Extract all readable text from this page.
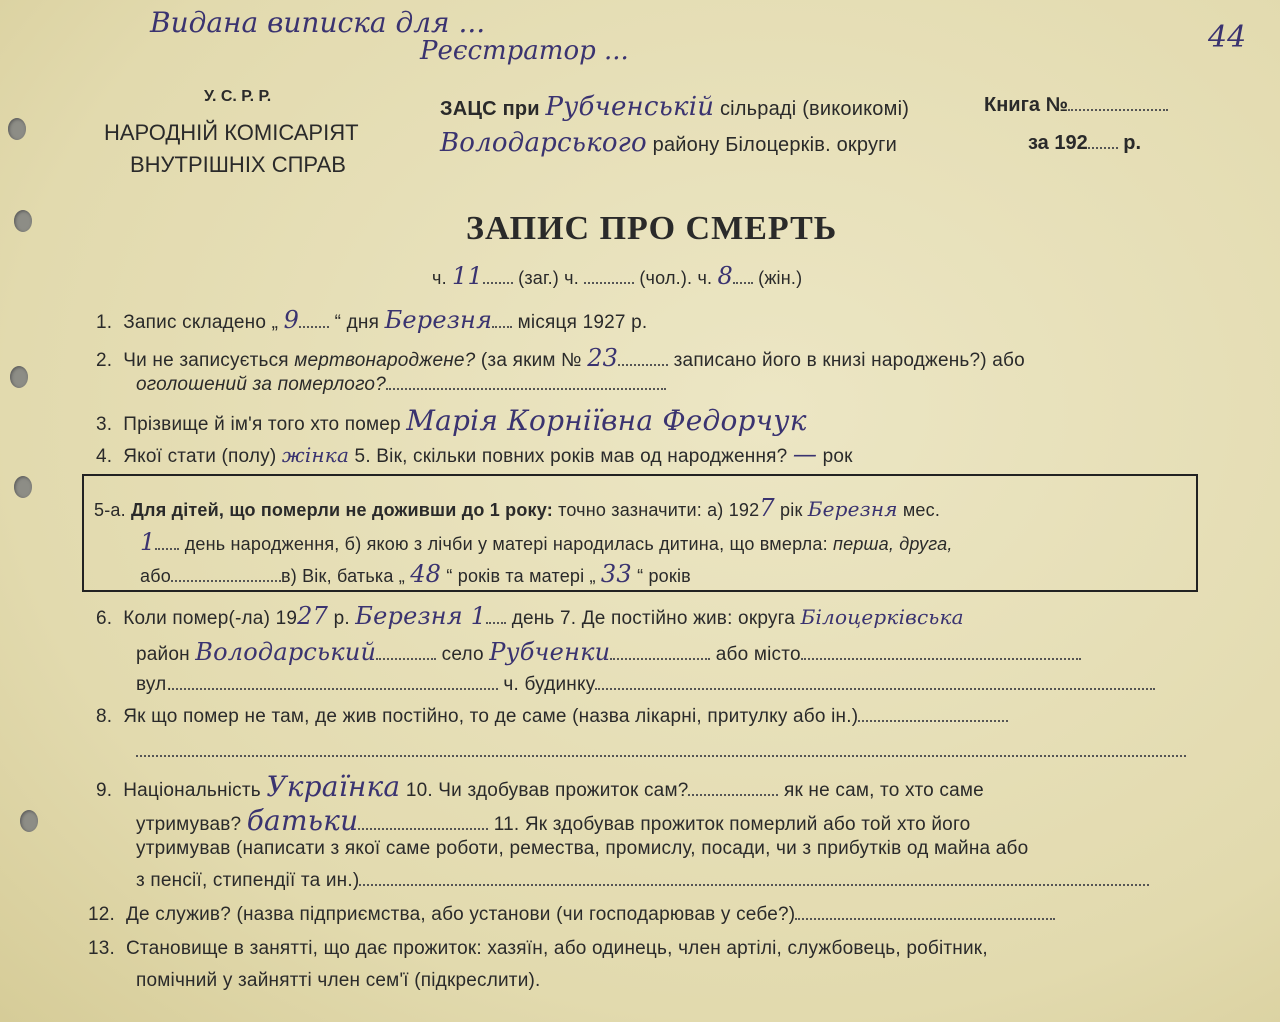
Видана виписка для ...
Реєстратор ...	44
У. С. Р. Р.
НАРОДНІЙ КОМІСАРІЯТ
ВНУТРІШНІХ СПРАВ
ЗАЦС при Рубченській сільраді (викоикомі)
Володарського району Білоцерків. округи
Книга №
за 192 р.
ЗАПИС ПРО СМЕРТЬ
ч. 11 (заг.) ч.	(чол.). ч. 8 (жін.)
1. Запис складено „ 9 “ дня Березня місяця 1927 р.
2. Чи не записується мертвонароджене? (за яким № 23	записано його в книзі народжень?) або
оголошений за померлого?
3. Прізвище й ім'я того хто помер Марія Корніївна Федорчук
4. Якої стати (полу) жінка 5. Вік, скільки повних років мав од народження? — рок
5-а. Для дітей, що померли не доживши до 1 року: точно зазначити: а) 1927 рік Березня мес.
1 день народження, б) якою з лічби у матері народилась дитина, що вмерла: перша, друга,
або	в) Вік, батька „ 48 “ років та матері „ 33 “ років
6. Коли помер(-ла) 1927 р. Березня 1 день 7. Де постійно жив: округа Білоцерківська
район Володарський	село Рубченки	або місто
вул.	ч. будинку
8. Як що помер не там, де жив постійно, то де саме (назва лікарні, притулку або ін.)
9. Національність Українка 10. Чи здобував прожиток сам?	як не сам, то хто саме
утримував? батьки	11. Як здобував прожиток померлий або той хто його
утримував (написати з якої саме роботи, ремества, промислу, посади, чи з прибутків од майна або
з пенсії, стипендії та ин.)
12. Де служив? (назва підприємства, або установи (чи господарював у себе?)
13. Становище в занятті, що дає прожиток: хазяїн, або одинець, член артілі, службовець, робітник,
помічний у зайнятті член сем'ї (підкреслити).
